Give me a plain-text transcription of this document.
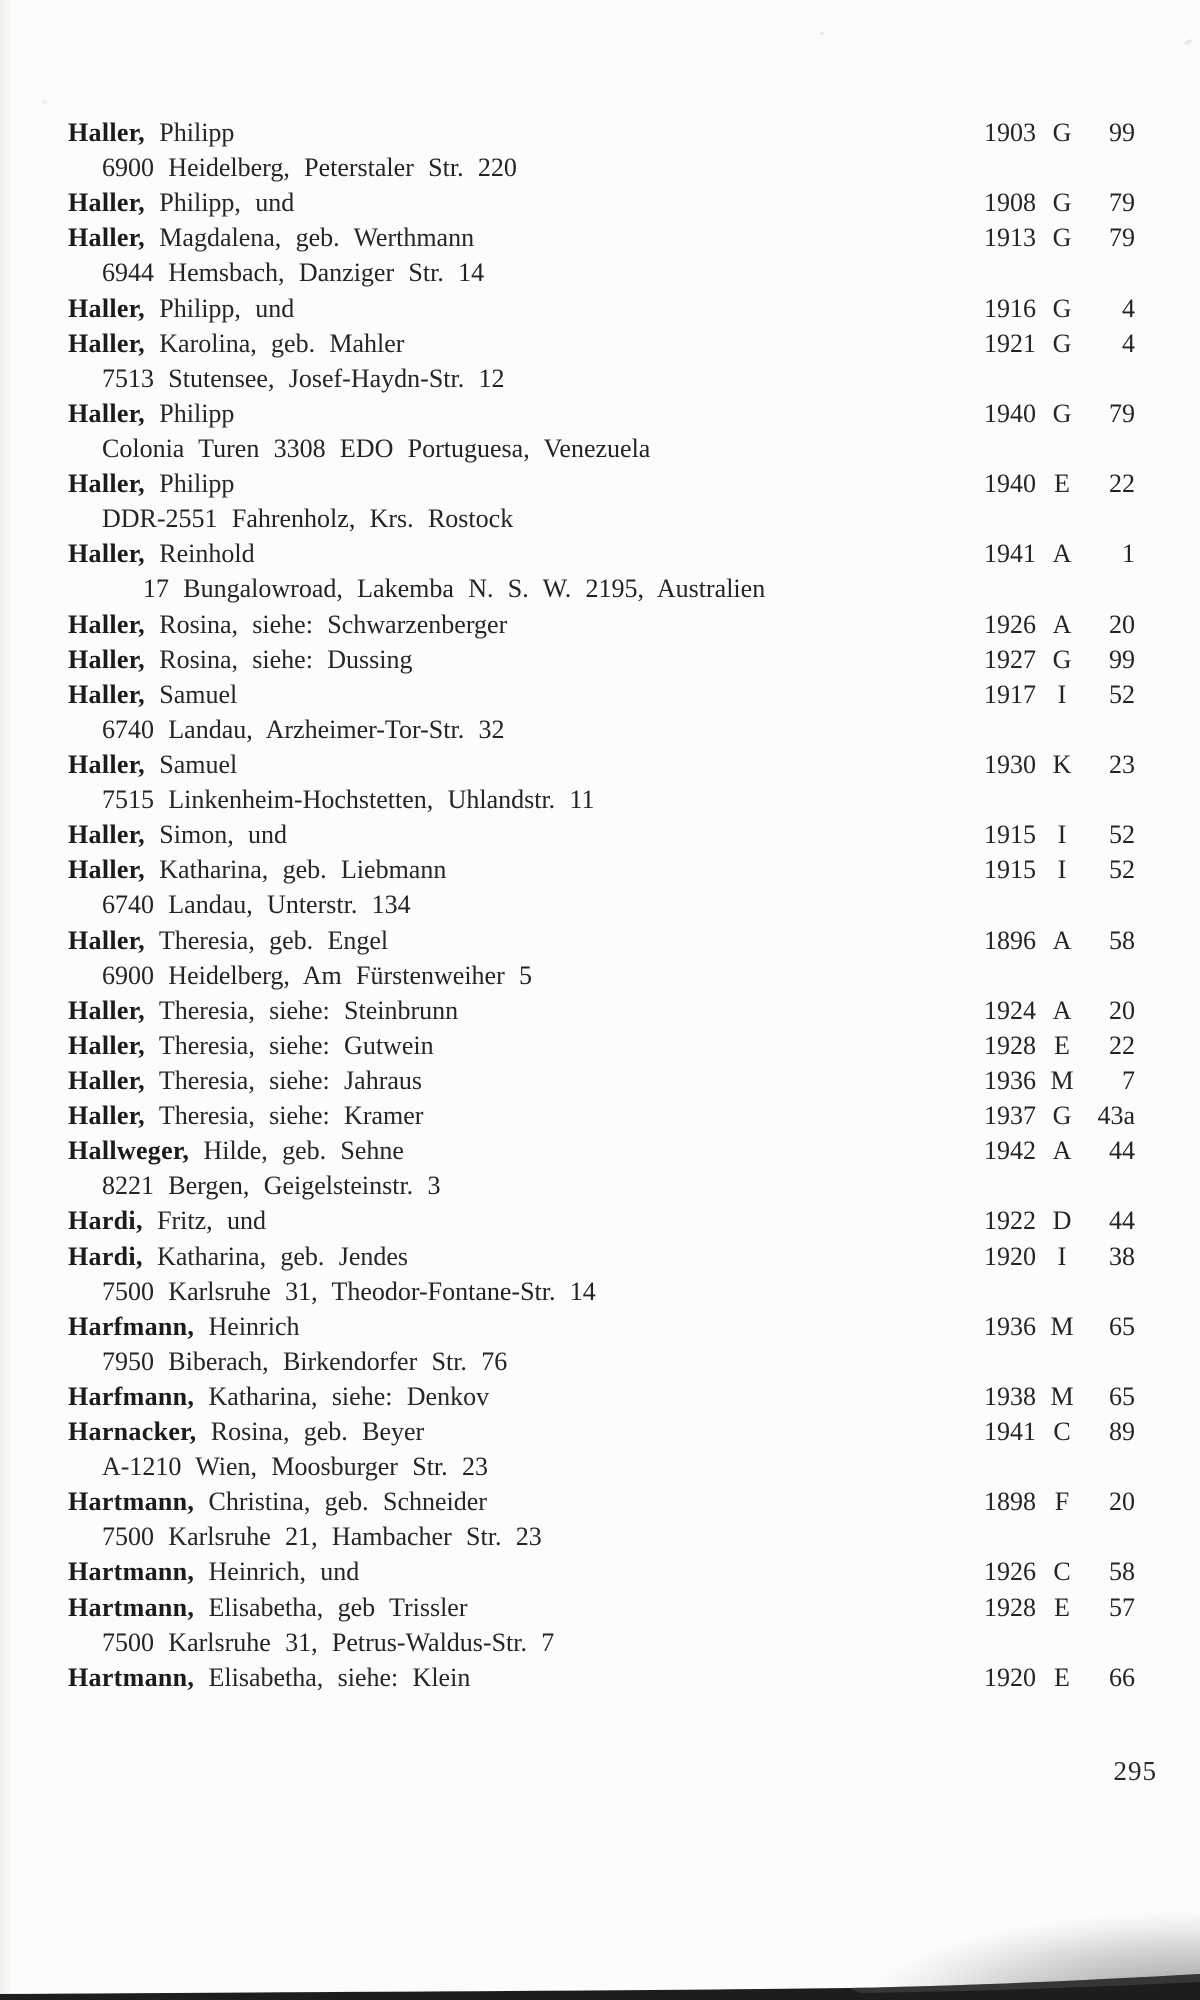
Haller, Philipp	1903 G	99
6900 Heidelberg, Peterstaler Str. 220
Haller, Philipp, und	1908 G	79
Haller, Magdalena, geb. Werthmann	1913 G	79
6944 Hemsbach, Danziger Str. 14
Haller, Philipp, und	1916 G	4
Haller, Karolina, geb. Mahler	1921 G	4
7513 Stutensee, Josef-Haydn-Str. 12
Haller, Philipp	1940 G	79
Colonia Turen 3308 EDO Portuguesa, Venezuela
Haller, Philipp	1940 E	22
DDR-2551 Fahrenholz, Krs. Rostock
Haller, Reinhold	1941 A	1
17 Bungalowroad, Lakemba N. S. W. 2195, Australien
Haller, Rosina, siehe: Schwarzenberger	1926 A	20
Haller, Rosina, siehe: Dussing	1927 G	99
Haller, Samuel	1917 I	52
6740 Landau, Arzheimer-Tor-Str. 32
Haller, Samuel	1930 K	23
7515 Linkenheim-Hochstetten, Uhlandstr. 11
Haller, Simon, und	1915 I	52
Haller, Katharina, geb. Liebmann	1915 I	52
6740 Landau, Unterstr. 134
Haller, Theresia, geb. Engel	1896 A	58
6900 Heidelberg, Am Fürstenweiher 5
Haller, Theresia, siehe: Steinbrunn	1924 A	20
Haller, Theresia, siehe: Gutwein	1928 E	22
Haller, Theresia, siehe: Jahraus	1936 M	7
Haller, Theresia, siehe: Kramer	1937 G	43a
Hallweger, Hilde, geb. Sehne	1942 A	44
8221 Bergen, Geigelsteinstr. 3
Hardi, Fritz, und	1922 D	44
Hardi, Katharina, geb. Jendes	1920 I	38
7500 Karlsruhe 31, Theodor-Fontane-Str. 14
Harfmann, Heinrich	1936 M	65
7950 Biberach, Birkendorfer Str. 76
Harfmann, Katharina, siehe: Denkov	1938 M	65
Harnacker, Rosina, geb. Beyer	1941 C	89
A-1210 Wien, Moosburger Str. 23
Hartmann, Christina, geb. Schneider	1898 F	20
7500 Karlsruhe 21, Hambacher Str. 23
Hartmann, Heinrich, und	1926 C	58
Hartmann, Elisabetha, geb Trissler	1928 E	57
7500 Karlsruhe 31, Petrus-Waldus-Str. 7
Hartmann, Elisabetha, siehe: Klein	1920 E	66
295
